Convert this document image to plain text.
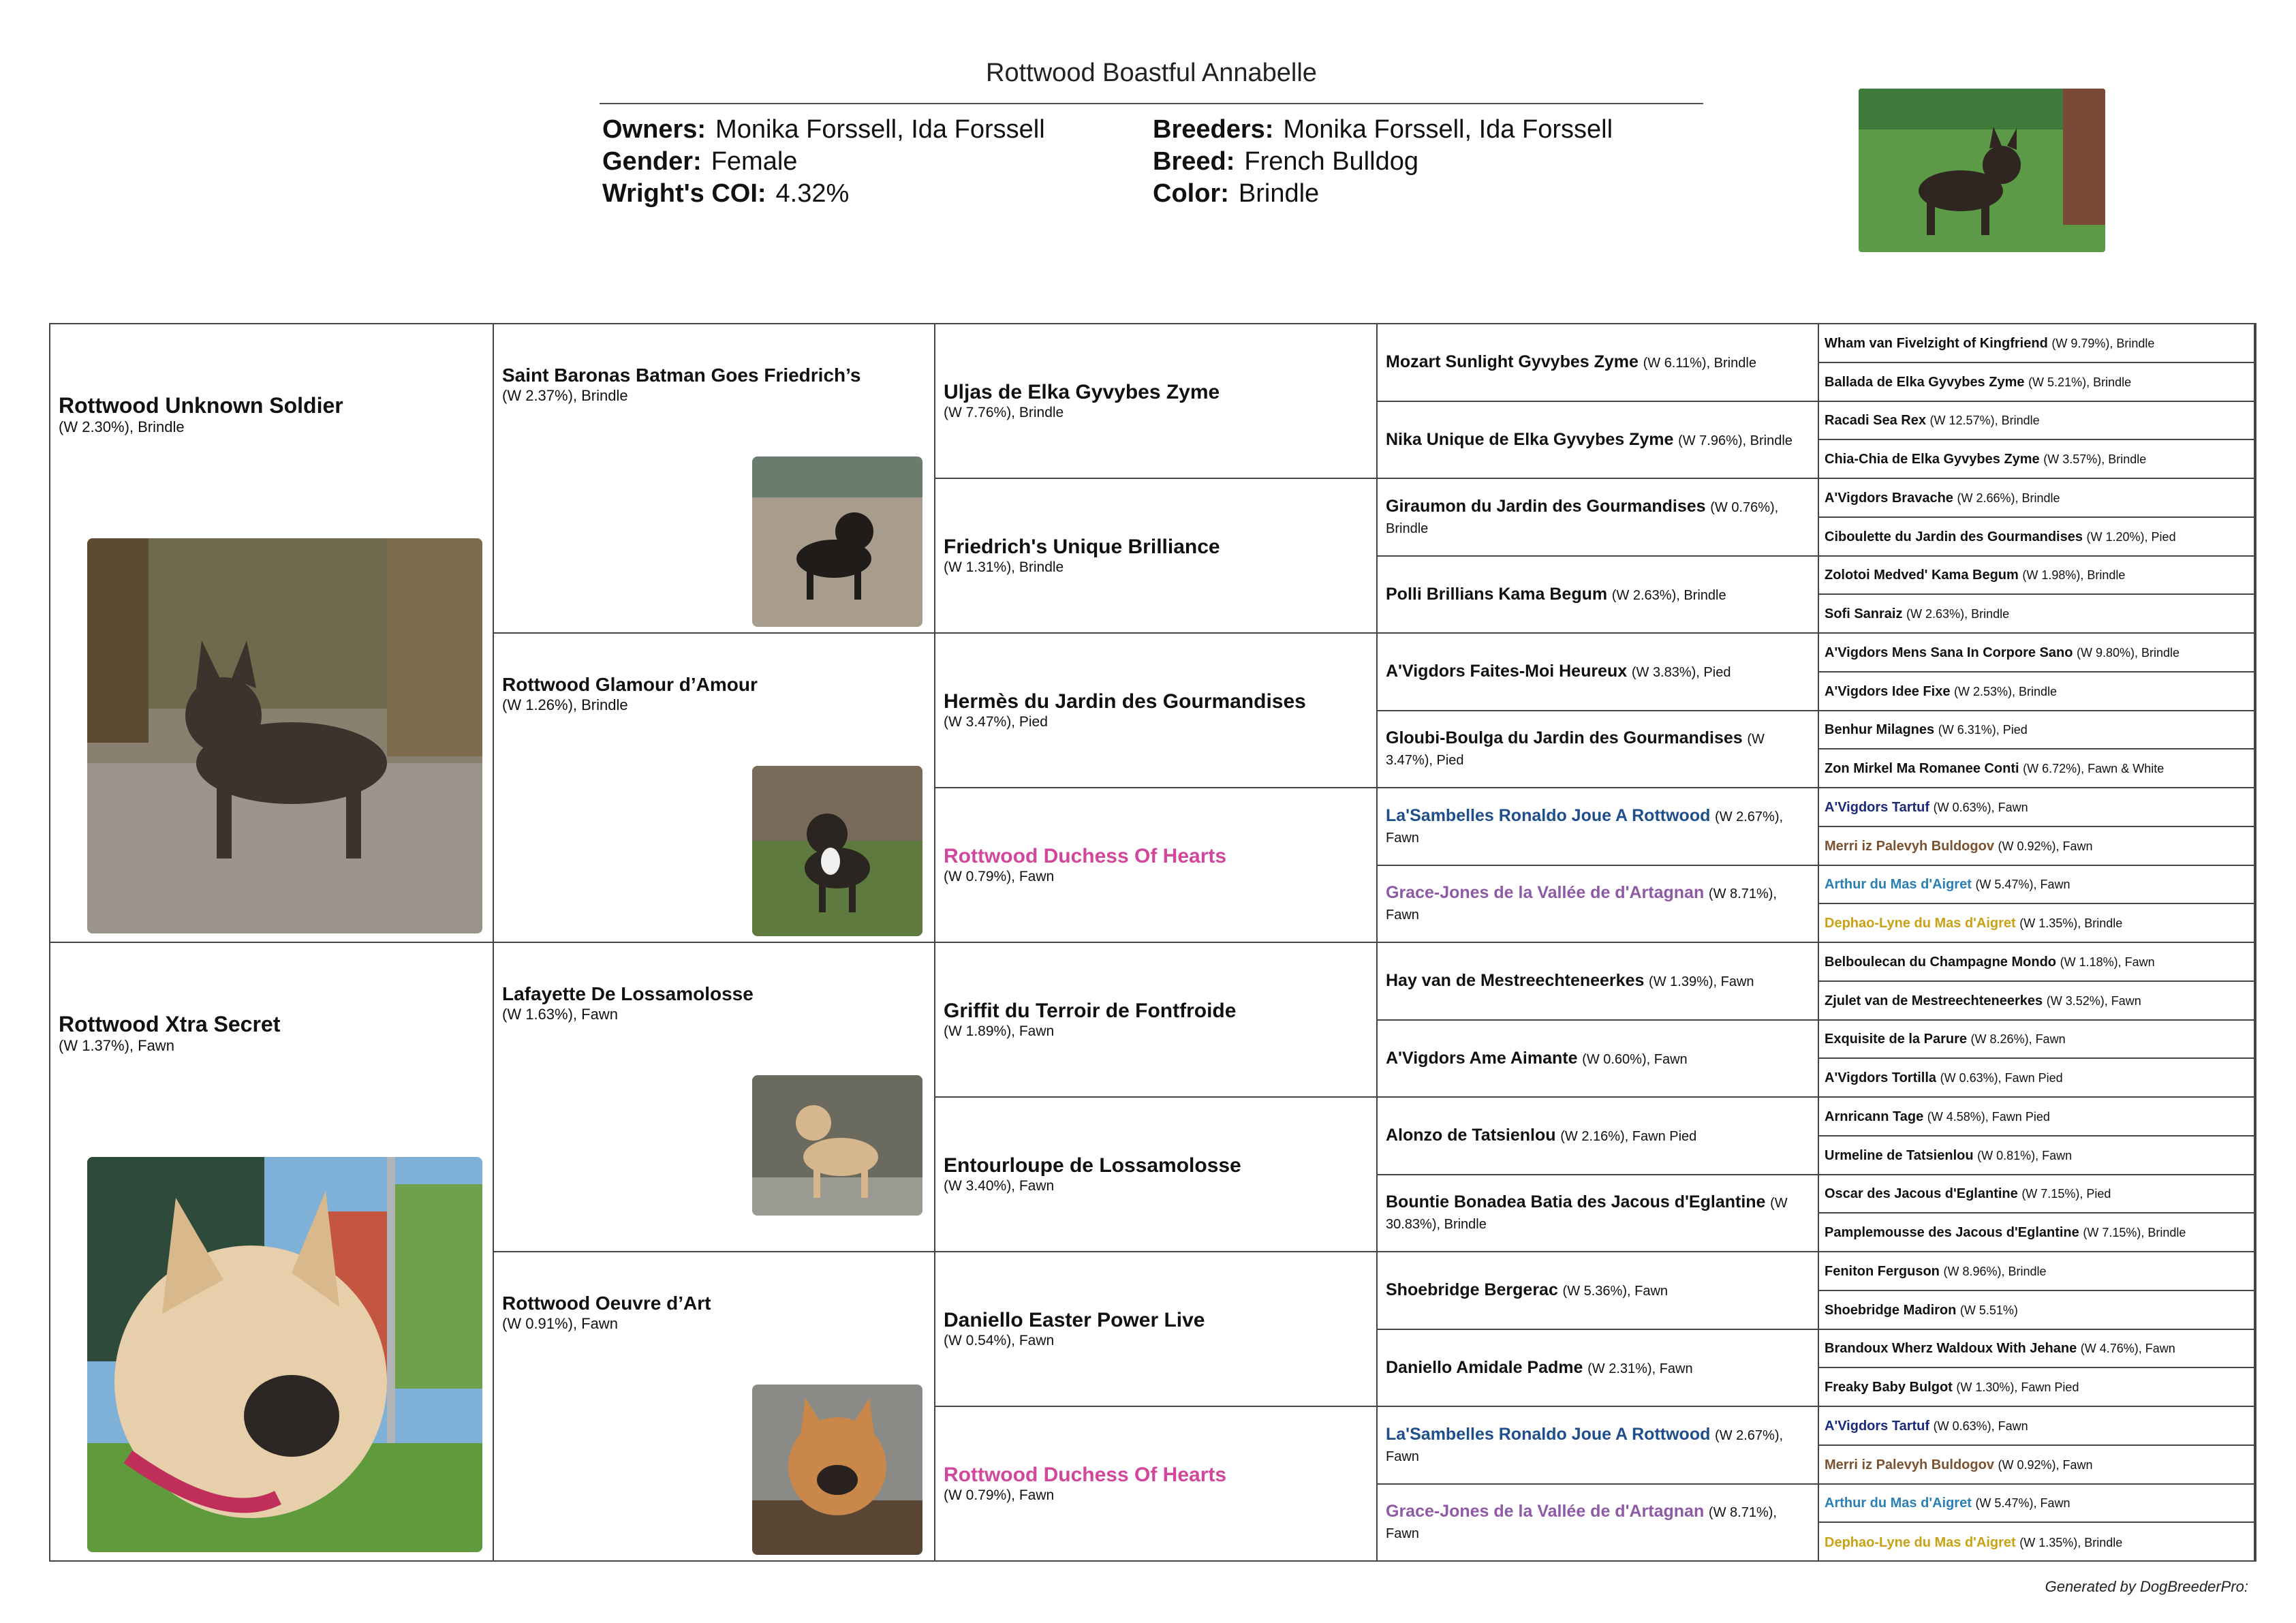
Rottwood Boastful Annabelle
Owners: Monika Forssell, Ida Forssell
Gender: Female
Wright's COI: 4.32%
Breeders: Monika Forssell, Ida Forssell
Breed: French Bulldog
Color: Brindle
Rottwood Unknown Soldier
(W 2.30%), Brindle
Rottwood Xtra Secret
(W 1.37%), Fawn
Saint Baronas Batman Goes Friedrich’s
(W 2.37%), Brindle
Rottwood Glamour d’Amour
(W 1.26%), Brindle
Lafayette De Lossamolosse
(W 1.63%), Fawn
Rottwood Oeuvre d’Art
(W 0.91%), Fawn
Uljas de Elka Gyvybes Zyme
(W 7.76%), Brindle
Friedrich's Unique Brilliance
(W 1.31%), Brindle
Hermès du Jardin des Gourmandises
(W 3.47%), Pied
Rottwood Duchess Of Hearts
(W 0.79%), Fawn
Griffit du Terroir de Fontfroide
(W 1.89%), Fawn
Entourloupe de Lossamolosse
(W 3.40%), Fawn
Daniello Easter Power Live
(W 0.54%), Fawn
Rottwood Duchess Of Hearts
(W 0.79%), Fawn
Mozart Sunlight Gyvybes Zyme (W 6.11%), Brindle
Nika Unique de Elka Gyvybes Zyme (W 7.96%), Brindle
Giraumon du Jardin des Gourmandises (W 0.76%), Brindle
Polli Brillians Kama Begum (W 2.63%), Brindle
A'Vigdors Faites-Moi Heureux (W 3.83%), Pied
Gloubi-Boulga du Jardin des Gourmandises (W 3.47%), Pied
La'Sambelles Ronaldo Joue A Rottwood (W 2.67%), Fawn
Grace-Jones de la Vallée de d'Artagnan (W 8.71%), Fawn
Hay van de Mestreechteneerkes (W 1.39%), Fawn
A'Vigdors Ame Aimante (W 0.60%), Fawn
Alonzo de Tatsienlou (W 2.16%), Fawn Pied
Bountie Bonadea Batia des Jacous d'Eglantine (W 30.83%), Brindle
Shoebridge Bergerac (W 5.36%), Fawn
Daniello Amidale Padme (W 2.31%), Fawn
La'Sambelles Ronaldo Joue A Rottwood (W 2.67%), Fawn
Grace-Jones de la Vallée de d'Artagnan (W 8.71%), Fawn
Wham van Fivelzight of Kingfriend (W 9.79%), Brindle
Ballada de Elka Gyvybes Zyme (W 5.21%), Brindle
Racadi Sea Rex (W 12.57%), Brindle
Chia-Chia de Elka Gyvybes Zyme (W 3.57%), Brindle
A'Vigdors Bravache (W 2.66%), Brindle
Ciboulette du Jardin des Gourmandises (W 1.20%), Pied
Zolotoi Medved' Kama Begum (W 1.98%), Brindle
Sofi Sanraiz (W 2.63%), Brindle
A'Vigdors Mens Sana In Corpore Sano (W 9.80%), Brindle
A'Vigdors Idee Fixe (W 2.53%), Brindle
Benhur Milagnes (W 6.31%), Pied
Zon Mirkel Ma Romanee Conti (W 6.72%), Fawn & White
A'Vigdors Tartuf (W 0.63%), Fawn
Merri iz Palevyh Buldogov (W 0.92%), Fawn
Arthur du Mas d'Aigret (W 5.47%), Fawn
Dephao-Lyne du Mas d'Aigret (W 1.35%), Brindle
Belboulecan du Champagne Mondo (W 1.18%), Fawn
Zjulet van de Mestreechteneerkes (W 3.52%), Fawn
Exquisite de la Parure (W 8.26%), Fawn
A'Vigdors Tortilla (W 0.63%), Fawn Pied
Arnricann Tage (W 4.58%), Fawn Pied
Urmeline de Tatsienlou (W 0.81%), Fawn
Oscar des Jacous d'Eglantine (W 7.15%), Pied
Pamplemousse des Jacous d'Eglantine (W 7.15%), Brindle
Feniton Ferguson (W 8.96%), Brindle
Shoebridge Madiron (W 5.51%)
Brandoux Wherz Waldoux With Jehane (W 4.76%), Fawn
Freaky Baby Bulgot (W 1.30%), Fawn Pied
A'Vigdors Tartuf (W 0.63%), Fawn
Merri iz Palevyh Buldogov (W 0.92%), Fawn
Arthur du Mas d'Aigret (W 5.47%), Fawn
Dephao-Lyne du Mas d'Aigret (W 1.35%), Brindle
Generated by DogBreederPro:
